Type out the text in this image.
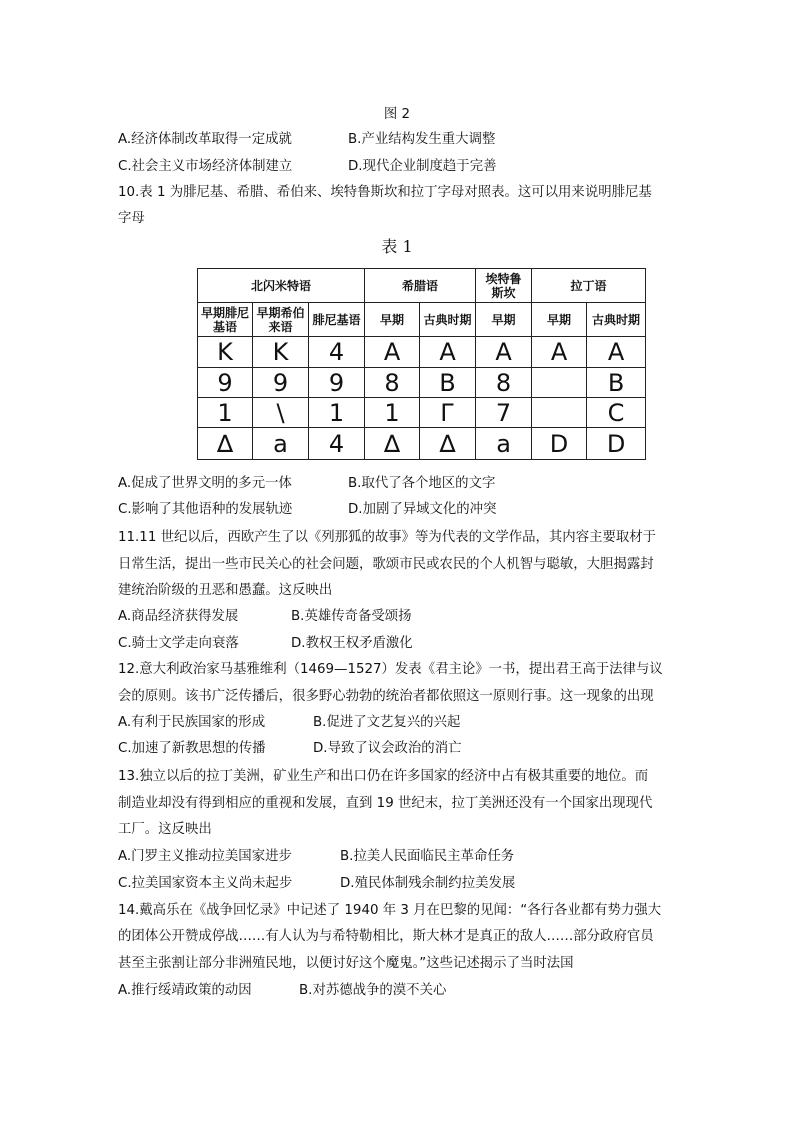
图 2
A.经济体制改革取得一定成就	B.产业结构发生重大调整
C.社会主义市场经济体制建立	D.现代企业制度趋于完善
10.表 1 为腓尼基、希腊、希伯来、埃特鲁斯坎和拉丁字母对照表。这可以用来说明腓尼基
字母
表 1
北闪米特语			希腊语		埃特鲁斯坎	拉丁语	
早期腓尼基语	早期希伯来语	腓尼基语	早期	古典时期	早期	早期	古典时期
K	K	4	A	A	A	A	A
9	9	9	8	B	8		B
1	\	1	1	Г	7		C
∆	a	4	∆	∆	a	D	D
A.促成了世界文明的多元一体	B.取代了各个地区的文字
C.影响了其他语种的发展轨迹	D.加剧了异域文化的冲突
11.11 世纪以后，西欧产生了以《列那狐的故事》等为代表的文学作品，其内容主要取材于
日常生活，提出一些市民关心的社会问题，歌颂市民或农民的个人机智与聪敏，大胆揭露封
建统治阶级的丑恶和愚蠢。这反映出
A.商品经济获得发展	B.英雄传奇备受颂扬
C.骑士文学走向衰落	D.教权王权矛盾激化
12.意大利政治家马基雅维利（1469—1527）发表《君主论》一书，提出君王高于法律与议
会的原则。该书广泛传播后，很多野心勃勃的统治者都依照这一原则行事。这一现象的出现
A.有利于民族国家的形成	B.促进了文艺复兴的兴起
C.加速了新教思想的传播	D.导致了议会政治的消亡
13.独立以后的拉丁美洲，矿业生产和出口仍在许多国家的经济中占有极其重要的地位。而
制造业却没有得到相应的重视和发展，直到 19 世纪末，拉丁美洲还没有一个国家出现现代
工厂。这反映出
A.门罗主义推动拉美国家进步	B.拉美人民面临民主革命任务
C.拉美国家资本主义尚未起步	D.殖民体制残余制约拉美发展
14.戴高乐在《战争回忆录》中记述了 1940 年 3 月在巴黎的见闻：“各行各业都有势力强大
的团体公开赞成停战……有人认为与希特勒相比，斯大林才是真正的敌人……部分政府官员
甚至主张割让部分非洲殖民地，以便讨好这个魔鬼。”这些记述揭示了当时法国
A.推行绥靖政策的动因	B.对苏德战争的漠不关心
